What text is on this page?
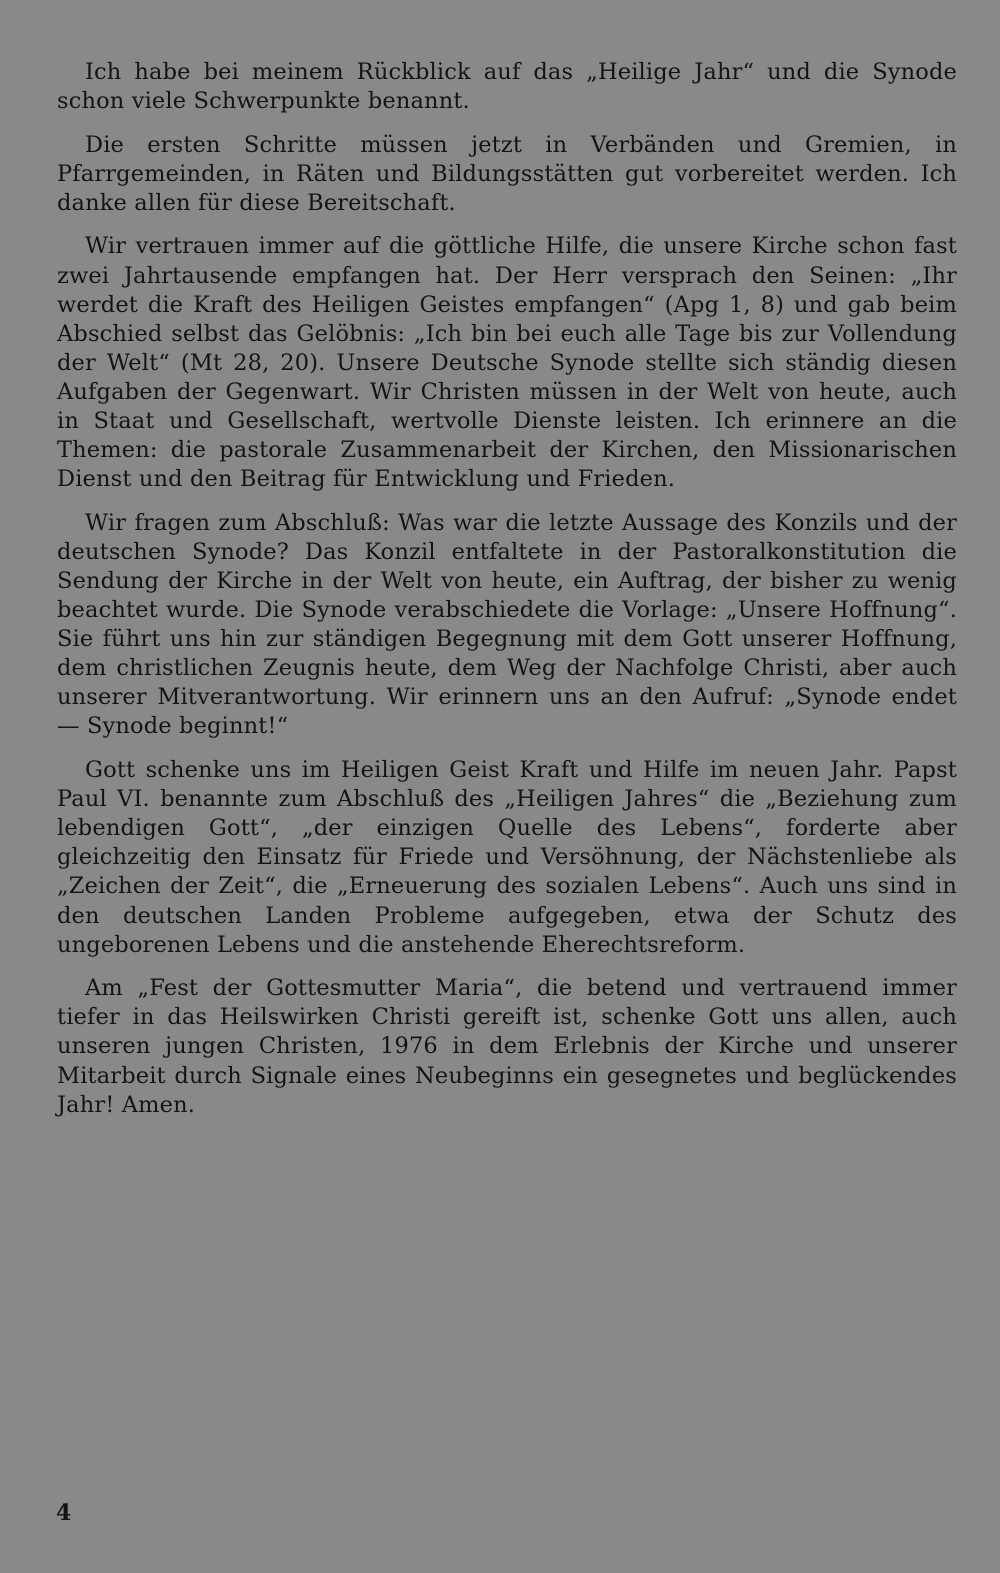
Ich habe bei meinem Rückblick auf das „Heilige Jahr“ und die Synode schon viele Schwerpunkte benannt.

Die ersten Schritte müssen jetzt in Verbänden und Gremien, in Pfarrgemeinden, in Räten und Bildungsstätten gut vorbereitet werden. Ich danke allen für diese Bereitschaft.

Wir vertrauen immer auf die göttliche Hilfe, die unsere Kirche schon fast zwei Jahrtausende empfangen hat. Der Herr versprach den Seinen: „Ihr werdet die Kraft des Heiligen Geistes empfangen“ (Apg 1, 8) und gab beim Abschied selbst das Gelöbnis: „Ich bin bei euch alle Tage bis zur Vollendung der Welt“ (Mt 28, 20). Unsere Deutsche Synode stellte sich ständig diesen Aufgaben der Gegenwart. Wir Christen müssen in der Welt von heute, auch in Staat und Gesellschaft, wertvolle Dienste leisten. Ich erinnere an die Themen: die pastorale Zusammenarbeit der Kirchen, den Missionarischen Dienst und den Beitrag für Entwicklung und Frieden.

Wir fragen zum Abschluß: Was war die letzte Aussage des Konzils und der deutschen Synode? Das Konzil entfaltete in der Pastoralkonstitution die Sendung der Kirche in der Welt von heute, ein Auftrag, der bisher zu wenig beachtet wurde. Die Synode verabschiedete die Vorlage: „Unsere Hoffnung“. Sie führt uns hin zur ständigen Begegnung mit dem Gott unserer Hoffnung, dem christlichen Zeugnis heute, dem Weg der Nachfolge Christi, aber auch unserer Mitverantwortung. Wir erinnern uns an den Aufruf: „Synode endet — Synode beginnt!“

Gott schenke uns im Heiligen Geist Kraft und Hilfe im neuen Jahr. Papst Paul VI. benannte zum Abschluß des „Heiligen Jahres“ die „Beziehung zum lebendigen Gott“, „der einzigen Quelle des Lebens“, forderte aber gleichzeitig den Einsatz für Friede und Versöhnung, der Nächstenliebe als „Zeichen der Zeit“, die „Erneuerung des sozialen Lebens“. Auch uns sind in den deutschen Landen Probleme aufgegeben, etwa der Schutz des ungeborenen Lebens und die anstehende Eherechtsreform.

Am „Fest der Gottesmutter Maria“, die betend und vertrauend immer tiefer in das Heilswirken Christi gereift ist, schenke Gott uns allen, auch unseren jungen Christen, 1976 in dem Erlebnis der Kirche und unserer Mitarbeit durch Signale eines Neubeginns ein gesegnetes und beglückendes Jahr! Amen.

4
